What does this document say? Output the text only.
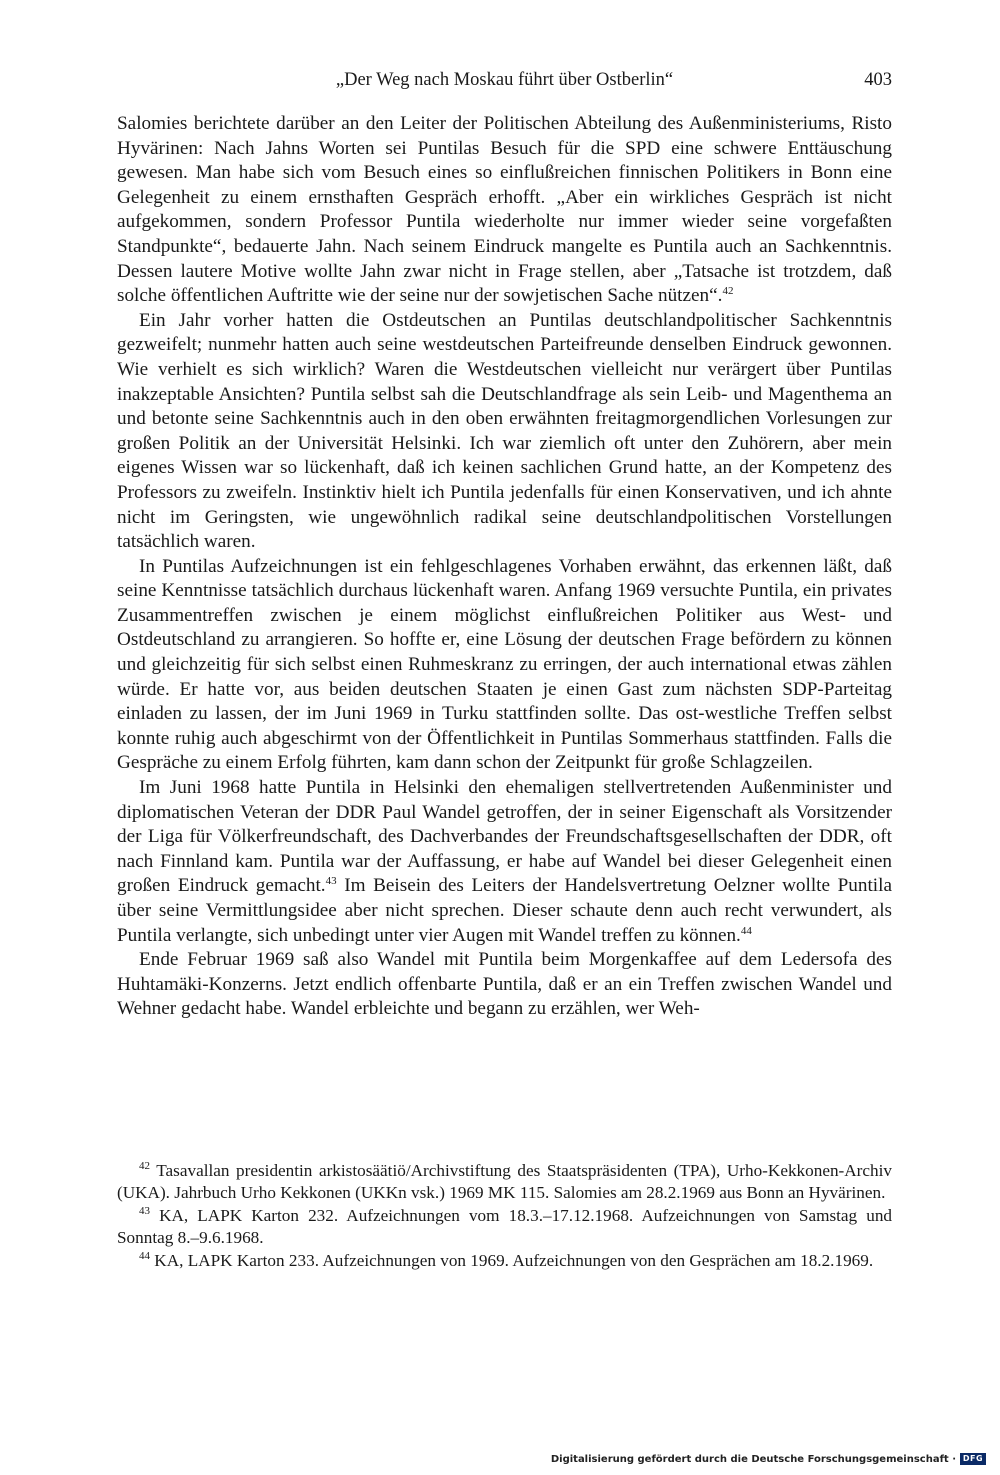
„Der Weg nach Moskau führt über Ostberlin“	403

Salomies berichtete darüber an den Leiter der Politischen Abteilung des Außenministeriums, Risto Hyvärinen: Nach Jahns Worten sei Puntilas Besuch für die SPD eine schwere Enttäuschung gewesen. Man habe sich vom Besuch eines so einflußreichen finnischen Politikers in Bonn eine Gelegenheit zu einem ernsthaften Gespräch erhofft. „Aber ein wirkliches Gespräch ist nicht aufgekommen, sondern Professor Puntila wiederholte nur immer wieder seine vorgefaßten Standpunkte“, bedauerte Jahn. Nach seinem Eindruck mangelte es Puntila auch an Sachkenntnis. Dessen lautere Motive wollte Jahn zwar nicht in Frage stellen, aber „Tatsache ist trotzdem, daß solche öffentlichen Auftritte wie der seine nur der sowjetischen Sache nützen“.$^{42}$

Ein Jahr vorher hatten die Ostdeutschen an Puntilas deutschlandpolitischer Sachkenntnis gezweifelt; nunmehr hatten auch seine westdeutschen Parteifreunde denselben Eindruck gewonnen. Wie verhielt es sich wirklich? Waren die Westdeutschen vielleicht nur verärgert über Puntilas inakzeptable Ansichten? Puntila selbst sah die Deutschlandfrage als sein Leib- und Magenthema an und betonte seine Sachkenntnis auch in den oben erwähnten freitagmorgendlichen Vorlesungen zur großen Politik an der Universität Helsinki. Ich war ziemlich oft unter den Zuhörern, aber mein eigenes Wissen war so lückenhaft, daß ich keinen sachlichen Grund hatte, an der Kompetenz des Professors zu zweifeln. Instinktiv hielt ich Puntila jedenfalls für einen Konservativen, und ich ahnte nicht im Geringsten, wie ungewöhnlich radikal seine deutschlandpolitischen Vorstellungen tatsächlich waren.

In Puntilas Aufzeichnungen ist ein fehlgeschlagenes Vorhaben erwähnt, das erkennen läßt, daß seine Kenntnisse tatsächlich durchaus lückenhaft waren. Anfang 1969 versuchte Puntila, ein privates Zusammentreffen zwischen je einem möglichst einflußreichen Politiker aus West- und Ostdeutschland zu arrangieren. So hoffte er, eine Lösung der deutschen Frage befördern zu können und gleichzeitig für sich selbst einen Ruhmeskranz zu erringen, der auch international etwas zählen würde. Er hatte vor, aus beiden deutschen Staaten je einen Gast zum nächsten SDP-Parteitag einladen zu lassen, der im Juni 1969 in Turku stattfinden sollte. Das ost-westliche Treffen selbst konnte ruhig auch abgeschirmt von der Öffentlichkeit in Puntilas Sommerhaus stattfinden. Falls die Gespräche zu einem Erfolg führten, kam dann schon der Zeitpunkt für große Schlagzeilen.

Im Juni 1968 hatte Puntila in Helsinki den ehemaligen stellvertretenden Außenminister und diplomatischen Veteran der DDR Paul Wandel getroffen, der in seiner Eigenschaft als Vorsitzender der Liga für Völkerfreundschaft, des Dachverbandes der Freundschaftsgesellschaften der DDR, oft nach Finnland kam. Puntila war der Auffassung, er habe auf Wandel bei dieser Gelegenheit einen großen Eindruck gemacht.$^{43}$ Im Beisein des Leiters der Handelsvertretung Oelzner wollte Puntila über seine Vermittlungsidee aber nicht sprechen. Dieser schaute denn auch recht verwundert, als Puntila verlangte, sich unbedingt unter vier Augen mit Wandel treffen zu können.$^{44}$

Ende Februar 1969 saß also Wandel mit Puntila beim Morgenkaffee auf dem Ledersofa des Huhtamäki-Konzerns. Jetzt endlich offenbarte Puntila, daß er an ein Treffen zwischen Wandel und Wehner gedacht habe. Wandel erbleichte und begann zu erzählen, wer Weh-

$^{42}$ Tasavallan presidentin arkistosäätiö/Archivstiftung des Staatspräsidenten (TPA), Urho-Kekkonen-Archiv (UKA). Jahrbuch Urho Kekkonen (UKKn vsk.) 1969 MK 115. Salomies am 28.2.1969 aus Bonn an Hyvärinen.

$^{43}$ KA, LAPK Karton 232. Aufzeichnungen vom 18.3.–17.12.1968. Aufzeichnungen von Samstag und Sonntag 8.–9.6.1968.

$^{44}$ KA, LAPK Karton 233. Aufzeichnungen von 1969. Aufzeichnungen von den Gesprächen am 18.2.1969.

Digitalisierung gefördert durch die Deutsche Forschungsgemeinschaft · DFG
